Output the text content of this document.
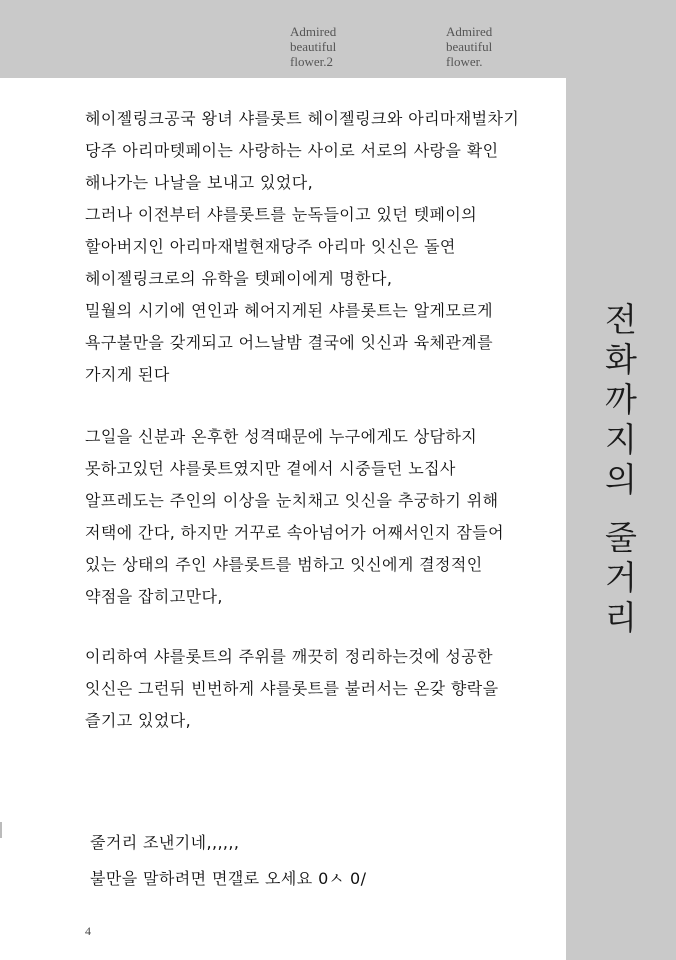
Admired
beautiful
flower.2
Admired
beautiful
flower.
전
화
까
지
의
줄
거
리
헤이젤링크공국 왕녀 샤를롯트 헤이젤링크와 아리마재벌차기
당주 아리마텟페이는 사랑하는 사이로 서로의 사랑을 확인
해나가는 나날을 보내고 있었다,
그러나 이전부터 샤를롯트를 눈독들이고 있던 텟페이의
할아버지인 아리마재벌현재당주 아리마 잇신은 돌연
헤이젤링크로의 유학을 텟페이에게 명한다,
밀월의 시기에 연인과 헤어지게된 샤를롯트는 알게모르게
욕구불만을 갖게되고 어느날밤 결국에 잇신과 육체관계를
가지게 된다
그일을 신분과 온후한 성격때문에 누구에게도 상담하지
못하고있던 샤를롯트였지만 곁에서 시중들던 노집사
알프레도는 주인의 이상을 눈치채고 잇신을 추궁하기 위해
저택에 간다, 하지만 거꾸로 속아넘어가 어째서인지 잠들어
있는 상태의 주인 샤를롯트를 범하고 잇신에게 결정적인
약점을 잡히고만다,
이리하여 샤를롯트의 주위를 깨끗히 정리하는것에 성공한
잇신은 그런뒤 빈번하게 샤를롯트를 불러서는 온갖 향락을
즐기고 있었다,
줄거리 조낸기네,,,,,,
불만을 말하려면 면갤로 오세요 0ㅅ 0/
4
